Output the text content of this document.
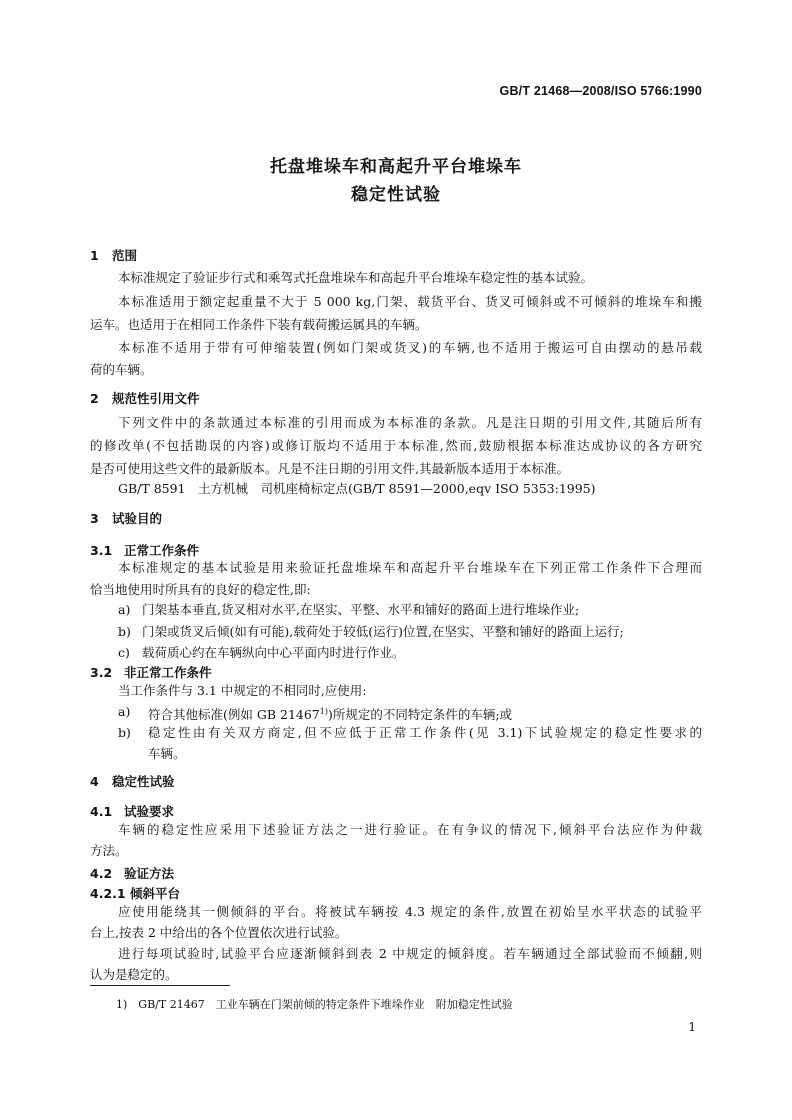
GB/T 21468—2008/ISO 5766:1990
托盘堆垛车和高起升平台堆垛车
稳定性试验
1 范围
本标准规定了验证步行式和乘驾式托盘堆垛车和高起升平台堆垛车稳定性的基本试验。
本标准适用于额定起重量不大于 5 000 kg,门架、载货平台、货叉可倾斜或不可倾斜的堆垛车和搬
运车。也适用于在相同工作条件下装有载荷搬运属具的车辆。
本标准不适用于带有可伸缩装置(例如门架或货叉)的车辆,也不适用于搬运可自由摆动的悬吊载
荷的车辆。
2 规范性引用文件
下列文件中的条款通过本标准的引用而成为本标准的条款。凡是注日期的引用文件,其随后所有
的修改单(不包括勘误的内容)或修订版均不适用于本标准,然而,鼓励根据本标准达成协议的各方研究
是否可使用这些文件的最新版本。凡是不注日期的引用文件,其最新版本适用于本标准。
GB/T 8591　土方机械　司机座椅标定点(GB/T 8591—2000,eqv ISO 5353:1995)
3 试验目的
3.1 正常工作条件
本标准规定的基本试验是用来验证托盘堆垛车和高起升平台堆垛车在下列正常工作条件下合理而
恰当地使用时所具有的良好的稳定性,即:
a) 门架基本垂直,货叉相对水平,在坚实、平整、水平和铺好的路面上进行堆垛作业;
b) 门架或货叉后倾(如有可能),载荷处于较低(运行)位置,在坚实、平整和铺好的路面上运行;
c) 载荷质心约在车辆纵向中心平面内时进行作业。
3.2 非正常工作条件
当工作条件与 3.1 中规定的不相同时,应使用:
a) 符合其他标准(例如 GB 21467$^{1)}$)所规定的不同特定条件的车辆;或
b) 稳定性由有关双方商定,但不应低于正常工作条件(见 3.1)下试验规定的稳定性要求的
车辆。
4 稳定性试验
4.1 试验要求
车辆的稳定性应采用下述验证方法之一进行验证。在有争议的情况下,倾斜平台法应作为仲裁
方法。
4.2 验证方法
4.2.1 倾斜平台
应使用能绕其一侧倾斜的平台。将被试车辆按 4.3 规定的条件,放置在初始呈水平状态的试验平
台上,按表 2 中给出的各个位置依次进行试验。
进行每项试验时,试验平台应逐渐倾斜到表 2 中规定的倾斜度。若车辆通过全部试验而不倾翻,则
认为是稳定的。
1)　GB/T 21467　工业车辆在门架前倾的特定条件下堆垛作业　附加稳定性试验
1
